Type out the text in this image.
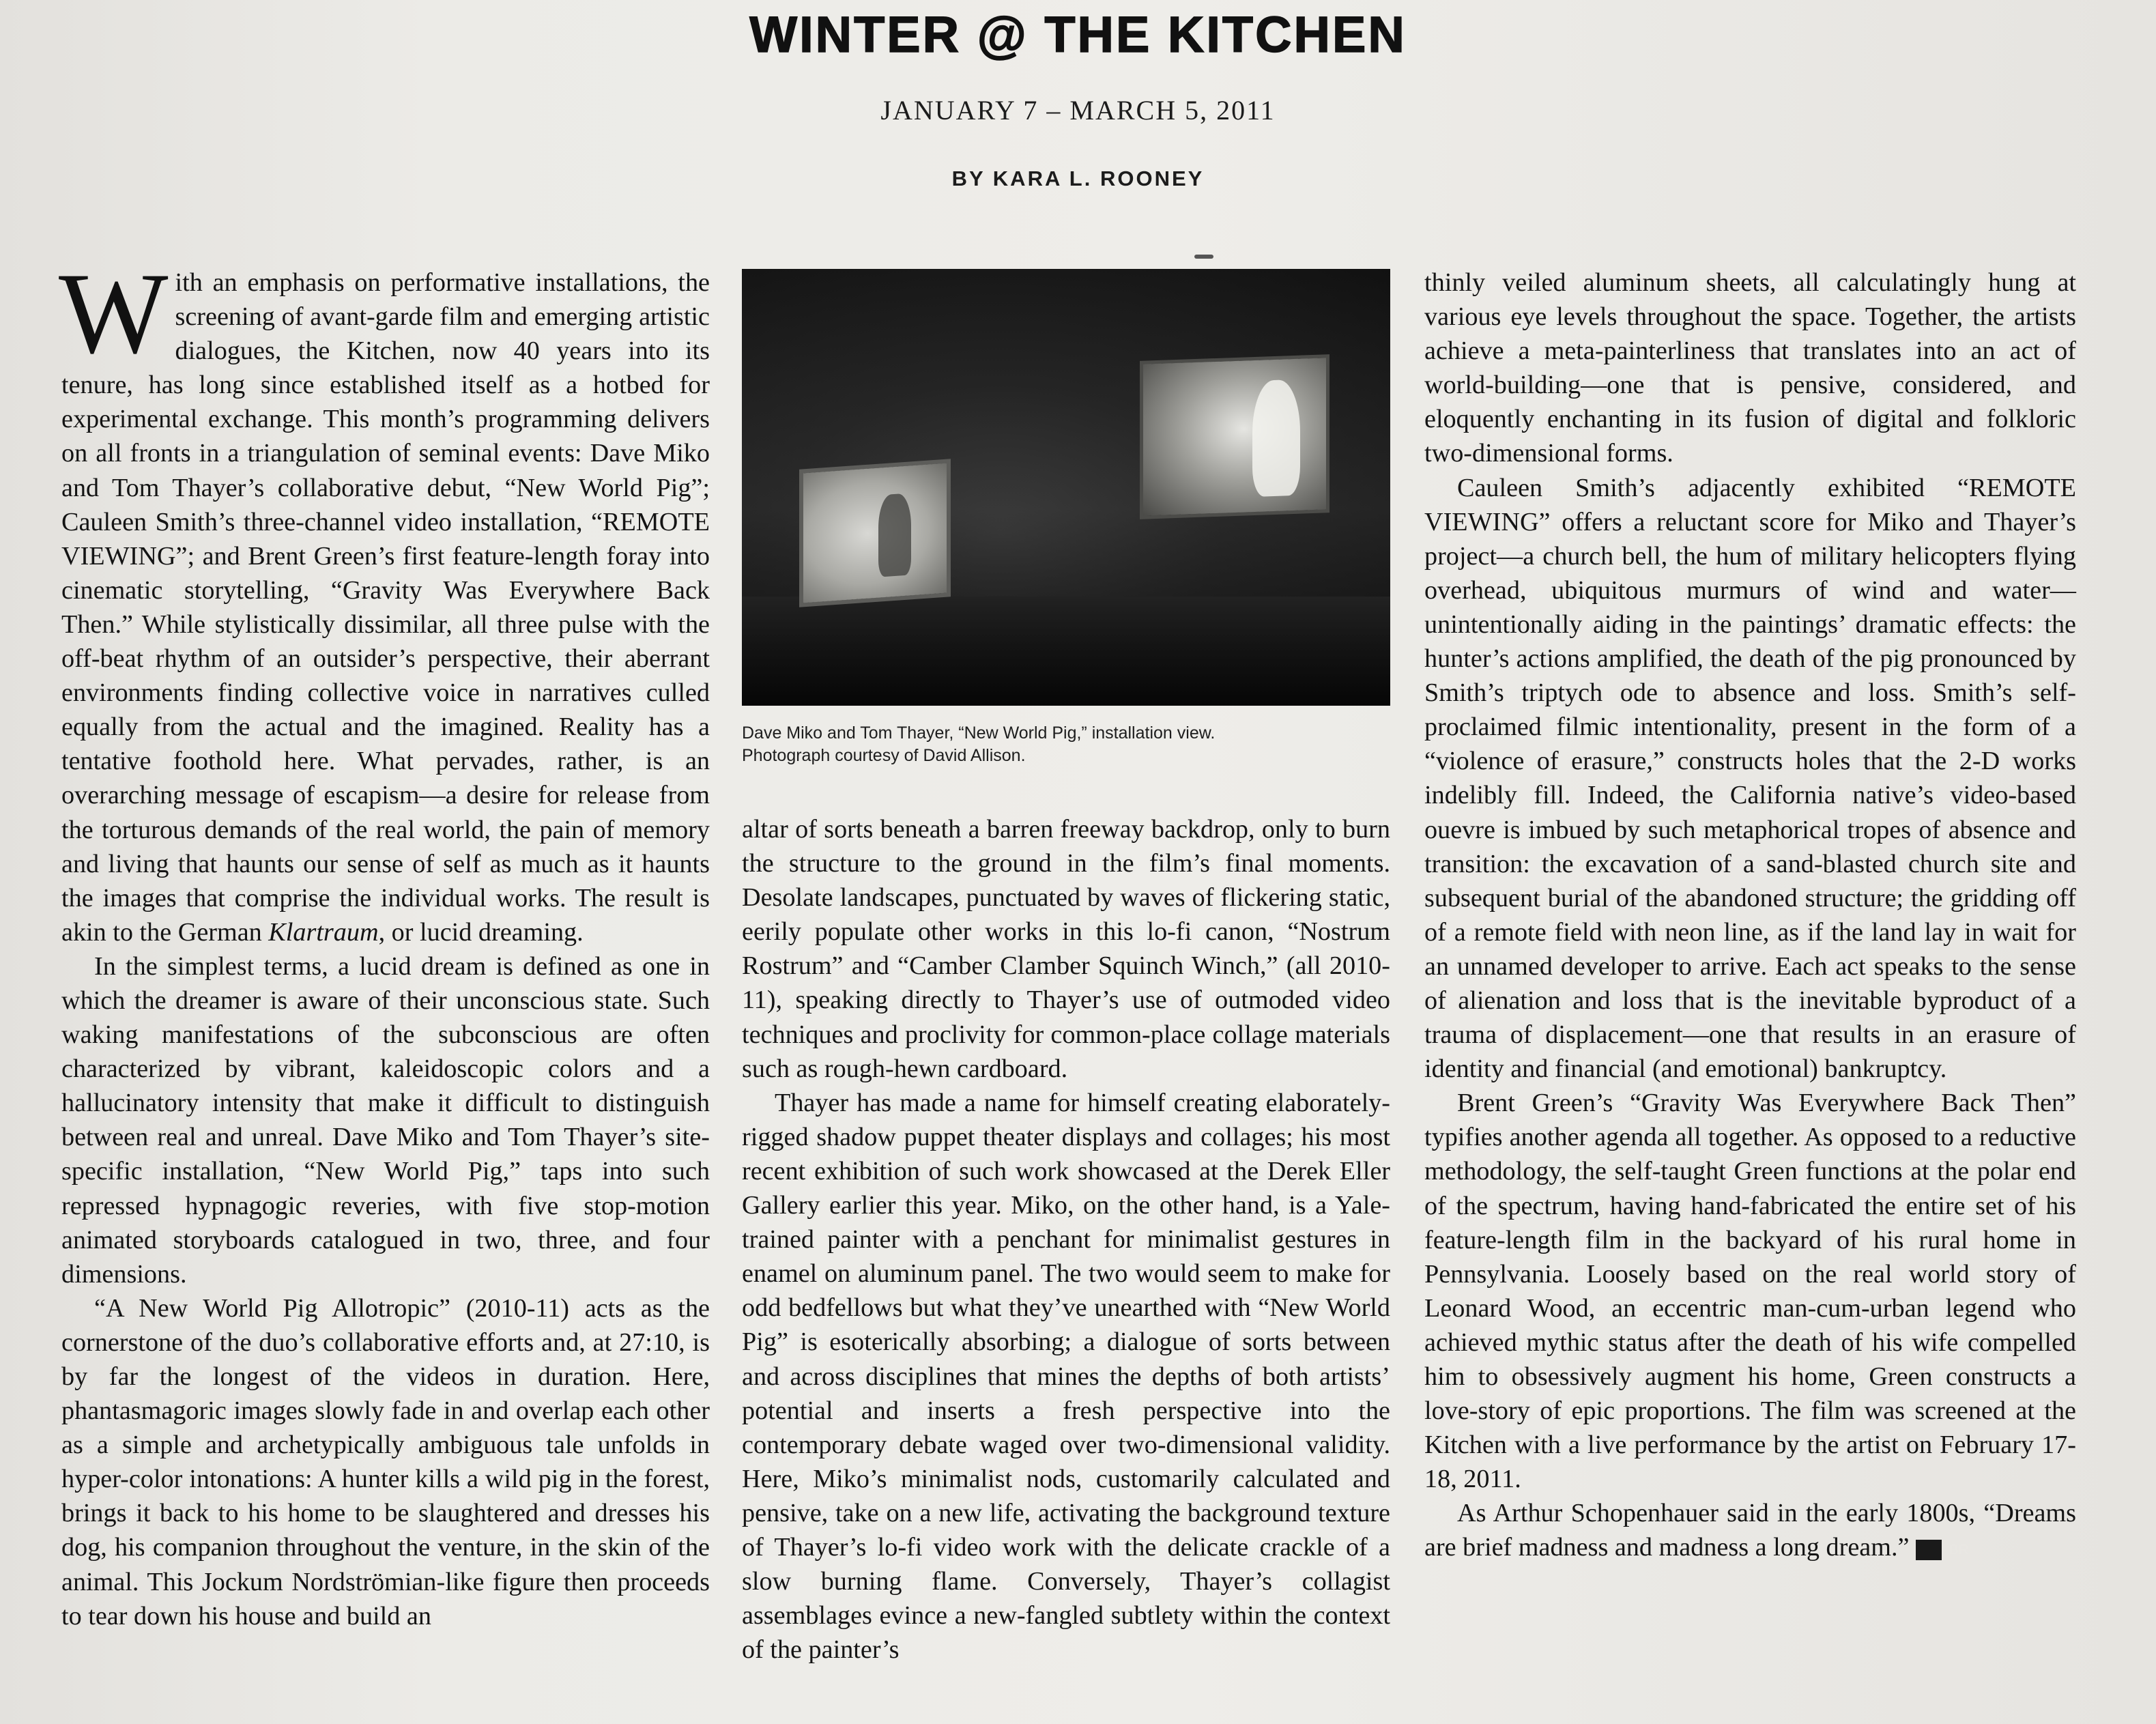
WINTER @ THE KITCHEN
JANUARY 7 – MARCH 5, 2011
BY KARA L. ROONEY
Dave Miko and Tom Thayer, “New World Pig,” installation view.
Photograph courtesy of David Allison.

With an emphasis on performative installations, the screening of avant-garde film and emerging artistic dialogues, the Kitchen, now 40 years into its tenure, has long since established itself as a hotbed for experimental exchange. This month’s programming delivers on all fronts in a triangulation of seminal events: Dave Miko and Tom Thayer’s collaborative debut, “New World Pig”; Cauleen Smith’s three-channel video installation, “REMOTE VIEWING”; and Brent Green’s first feature-length foray into cinematic storytelling, “Gravity Was Everywhere Back Then.” While stylistically dissimilar, all three pulse with the off-beat rhythm of an outsider’s perspective, their aberrant environments finding collective voice in narratives culled equally from the actual and the imagined. Reality has a tentative foothold here. What pervades, rather, is an overarching message of escapism—a desire for release from the torturous demands of the real world, the pain of memory and living that haunts our sense of self as much as it haunts the images that comprise the individual works. The result is akin to the German Klartraum, or lucid dreaming.

In the simplest terms, a lucid dream is defined as one in which the dreamer is aware of their unconscious state. Such waking manifestations of the subconscious are often characterized by vibrant, kaleidoscopic colors and a hallucinatory intensity that make it difficult to distinguish between real and unreal. Dave Miko and Tom Thayer’s site-specific installation, “New World Pig,” taps into such repressed hypnagogic reveries, with five stop-motion animated storyboards catalogued in two, three, and four dimensions.

“A New World Pig Allotropic” (2010-11) acts as the cornerstone of the duo’s collaborative efforts and, at 27:10, is by far the longest of the videos in duration. Here, phantasmagoric images slowly fade in and overlap each other as a simple and archetypically ambiguous tale unfolds in hyper-color intonations: A hunter kills a wild pig in the forest, brings it back to his home to be slaughtered and dresses his dog, his companion throughout the venture, in the skin of the animal. This Jockum Nordströmian-like figure then proceeds to tear down his house and build an

altar of sorts beneath a barren freeway backdrop, only to burn the structure to the ground in the film’s final moments. Desolate landscapes, punctuated by waves of flickering static, eerily populate other works in this lo-fi canon, “Nostrum Rostrum” and “Camber Clamber Squinch Winch,” (all 2010-11), speaking directly to Thayer’s use of outmoded video techniques and proclivity for common-place collage materials such as rough-hewn cardboard.

Thayer has made a name for himself creating elaborately-rigged shadow puppet theater displays and collages; his most recent exhibition of such work showcased at the Derek Eller Gallery earlier this year. Miko, on the other hand, is a Yale-trained painter with a penchant for minimalist gestures in enamel on aluminum panel. The two would seem to make for odd bedfellows but what they’ve unearthed with “New World Pig” is esoterically absorbing; a dialogue of sorts between and across disciplines that mines the depths of both artists’ potential and inserts a fresh perspective into the contemporary debate waged over two-dimensional validity. Here, Miko’s minimalist nods, customarily calculated and pensive, take on a new life, activating the background texture of Thayer’s lo-fi video work with the delicate crackle of a slow burning flame. Conversely, Thayer’s collagist assemblages evince a new-fangled subtlety within the context of the painter’s

thinly veiled aluminum sheets, all calculatingly hung at various eye levels throughout the space. Together, the artists achieve a meta-painterliness that translates into an act of world-building—one that is pensive, considered, and eloquently enchanting in its fusion of digital and folkloric two-dimensional forms.

Cauleen Smith’s adjacently exhibited “REMOTE VIEWING” offers a reluctant score for Miko and Thayer’s project—a church bell, the hum of military helicopters flying overhead, ubiquitous murmurs of wind and water—unintentionally aiding in the paintings’ dramatic effects: the hunter’s actions amplified, the death of the pig pronounced by Smith’s triptych ode to absence and loss. Smith’s self-proclaimed filmic intentionality, present in the form of a “violence of erasure,” constructs holes that the 2-D works indelibly fill. Indeed, the California native’s video-based ouevre is imbued by such metaphorical tropes of absence and transition: the excavation of a sand-blasted church site and subsequent burial of the abandoned structure; the gridding off of a remote field with neon line, as if the land lay in wait for an unnamed developer to arrive. Each act speaks to the sense of alienation and loss that is the inevitable byproduct of a trauma of displacement—one that results in an erasure of identity and financial (and emotional) bankruptcy.

Brent Green’s “Gravity Was Everywhere Back Then” typifies another agenda all together. As opposed to a reductive methodology, the self-taught Green functions at the polar end of the spectrum, having hand-fabricated the entire set of his feature-length film in the backyard of his rural home in Pennsylvania. Loosely based on the real world story of Leonard Wood, an eccentric man-cum-urban legend who achieved mythic status after the death of his wife compelled him to obsessively augment his home, Green constructs a love-story of epic proportions. The film was screened at the Kitchen with a live performance by the artist on February 17-18, 2011.

As Arthur Schopenhauer said in the early 1800s, “Dreams are brief madness and madness a long dream.”	BR
